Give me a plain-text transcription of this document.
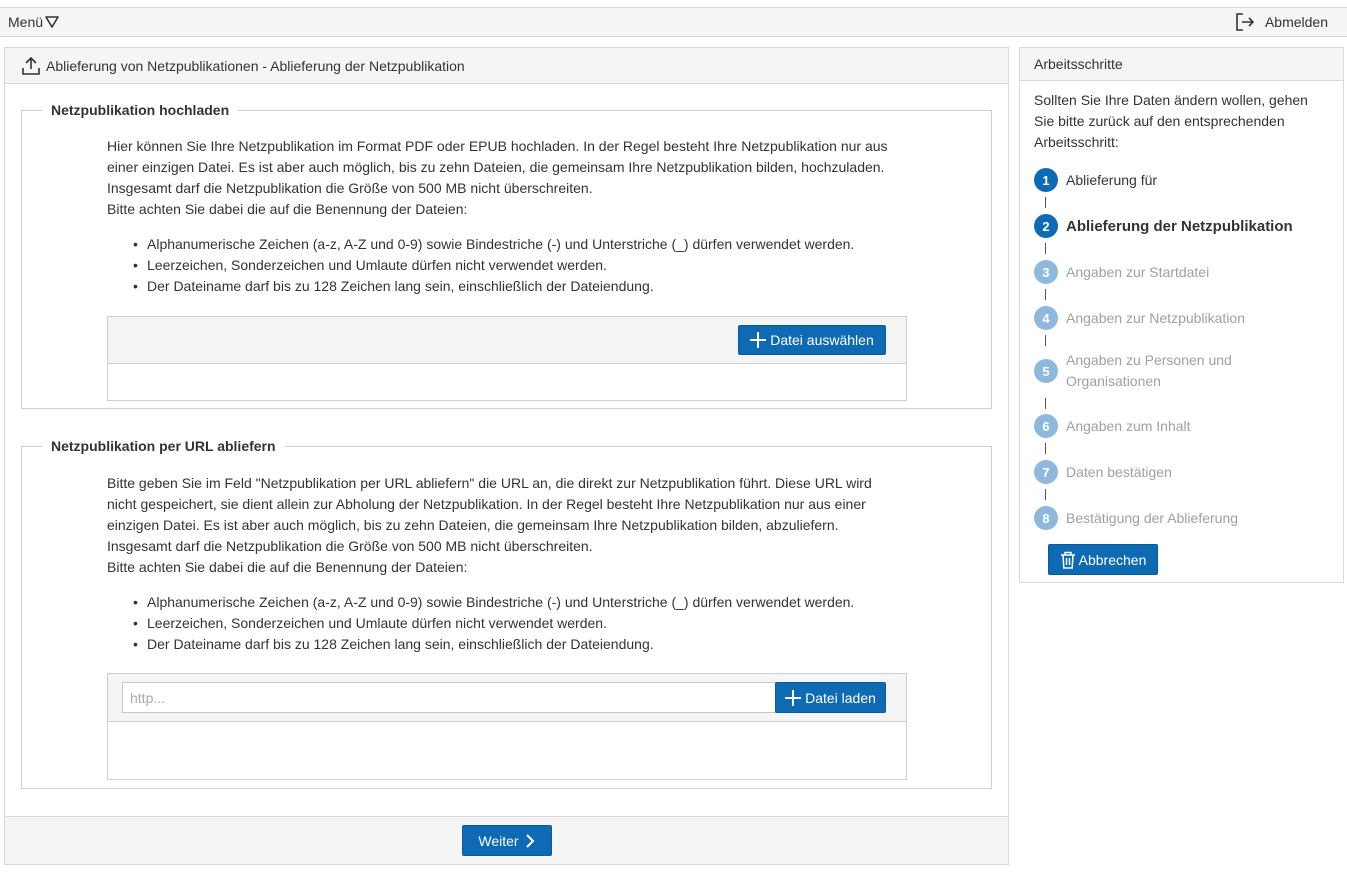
Menü	Abmelden
Ablieferung von Netzpublikationen - Ablieferung der Netzpublikation
Netzpublikation hochladen
Hier können Sie Ihre Netzpublikation im Format PDF oder EPUB hochladen. In der Regel besteht Ihre Netzpublikation nur aus
einer einzigen Datei. Es ist aber auch möglich, bis zu zehn Dateien, die gemeinsam Ihre Netzpublikation bilden, hochzuladen.
Insgesamt darf die Netzpublikation die Größe von 500 MB nicht überschreiten.
Bitte achten Sie dabei die auf die Benennung der Dateien:
• Alphanumerische Zeichen (a-z, A-Z und 0-9) sowie Bindestriche (-) und Unterstriche (_) dürfen verwendet werden.
• Leerzeichen, Sonderzeichen und Umlaute dürfen nicht verwendet werden.
• Der Dateiname darf bis zu 128 Zeichen lang sein, einschließlich der Dateiendung.
Datei auswählen
Netzpublikation per URL abliefern
Bitte geben Sie im Feld "Netzpublikation per URL abliefern" die URL an, die direkt zur Netzpublikation führt. Diese URL wird
nicht gespeichert, sie dient allein zur Abholung der Netzpublikation. In der Regel besteht Ihre Netzpublikation nur aus einer
einzigen Datei. Es ist aber auch möglich, bis zu zehn Dateien, die gemeinsam Ihre Netzpublikation bilden, abzuliefern.
Insgesamt darf die Netzpublikation die Größe von 500 MB nicht überschreiten.
Bitte achten Sie dabei die auf die Benennung der Dateien:
• Alphanumerische Zeichen (a-z, A-Z und 0-9) sowie Bindestriche (-) und Unterstriche (_) dürfen verwendet werden.
• Leerzeichen, Sonderzeichen und Umlaute dürfen nicht verwendet werden.
• Der Dateiname darf bis zu 128 Zeichen lang sein, einschließlich der Dateiendung.
http...
Datei laden
Weiter
Arbeitsschritte
Sollten Sie Ihre Daten ändern wollen, gehen
Sie bitte zurück auf den entsprechenden
Arbeitsschritt:
1	Ablieferung für
2	Ablieferung der Netzpublikation
3	Angaben zur Startdatei
4	Angaben zur Netzpublikation
5
Angaben zu Personen und
Organisationen
6	Angaben zum Inhalt
7	Daten bestätigen
8	Bestätigung der Ablieferung
Abbrechen
